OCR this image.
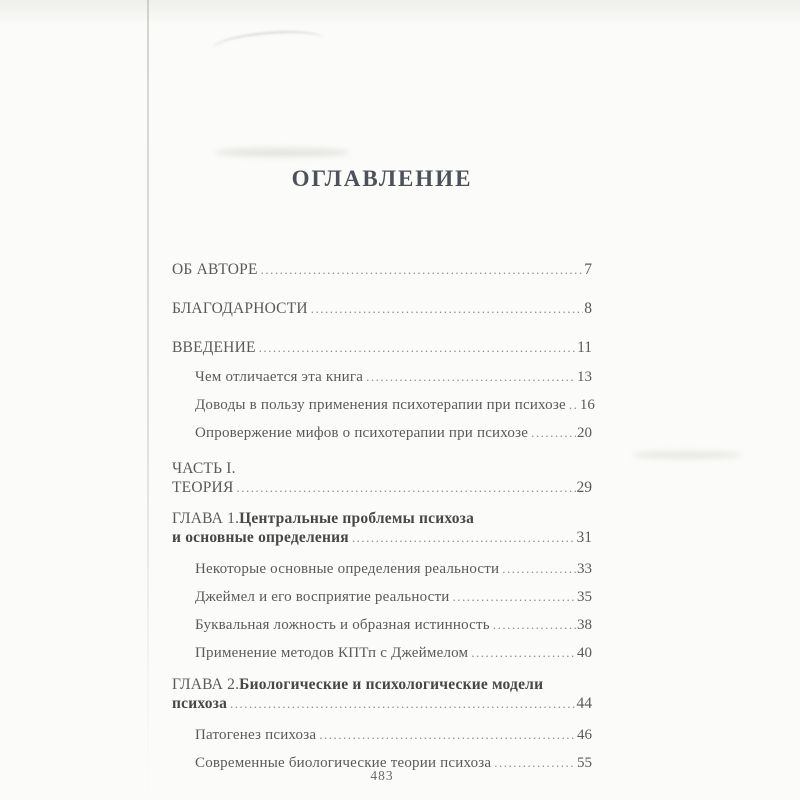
ОГЛАВЛЕНИЕ
ОБ АВТОРЕ .....	7
БЛАГОДАРНОСТИ .....	8
ВВЕДЕНИЕ .....	11
Чем отличается эта книга .....	13
Доводы в пользу применения психотерапии при психозе ..... 16
Опровержение мифов о психотерапии при психозе .....	20
ЧАСТЬ I.
ТЕОРИЯ .....	29
ГЛАВА 1. Центральные проблемы психоза
и основные определения .....	31
Некоторые основные определения реальности .....	33
Джеймел и его восприятие реальности .....	35
Буквальная ложность и образная истинность .....	38
Применение методов КПТп с Джеймелом .....	40
ГЛАВА 2. Биологические и психологические модели
психоза .....	44
Патогенез психоза .....	46
Современные биологические теории психоза .....	55
483
